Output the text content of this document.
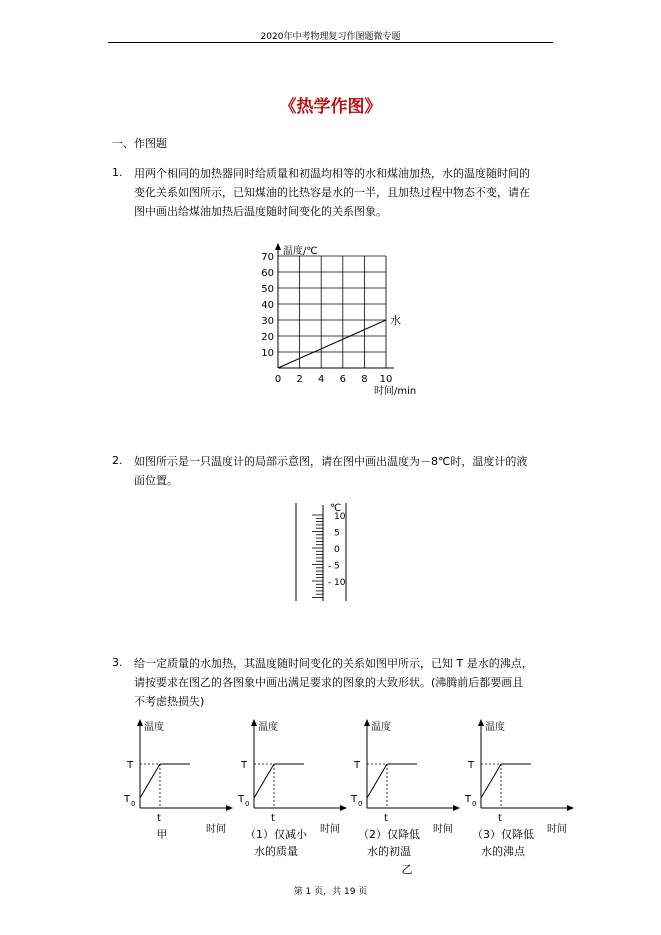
2020年中考物理复习作图题微专题
《热学作图》
一、作图题
1. 用两个相同的加热器同时给质量和初温均相等的水和煤油加热，水的温度随时间的
变化关系如图所示，已知煤油的比热容是水的一半，且加热过程中物态不变，请在
图中画出给煤油加热后温度随时间变化的关系图象。
0 2 4 6 8 10
10
20
30
40
50
60
70
温度/℃
时间/min
水
2. 如图所示是一只温度计的局部示意图，请在图中画出温度为－8℃时，温度计的液
面位置。
℃
10
5
0
5
10
-
-
3. 给一定质量的水加热，其温度随时间变化的关系如图甲所示，已知 T 是水的沸点，
请按要求在图乙的各图象中画出满足要求的图象的大致形状。(沸腾前后都要画且
不考虑热损失)
温度
时间
T
T 0
t
甲
温度
时间
T
T 0
t
（1）仅减小
水的质量
温度
时间
T
T 0
t
（2）仅降低
水的初温
温度
时间
T
T 0
t
（3）仅降低
水的沸点
乙
第 1 页，共 19 页
